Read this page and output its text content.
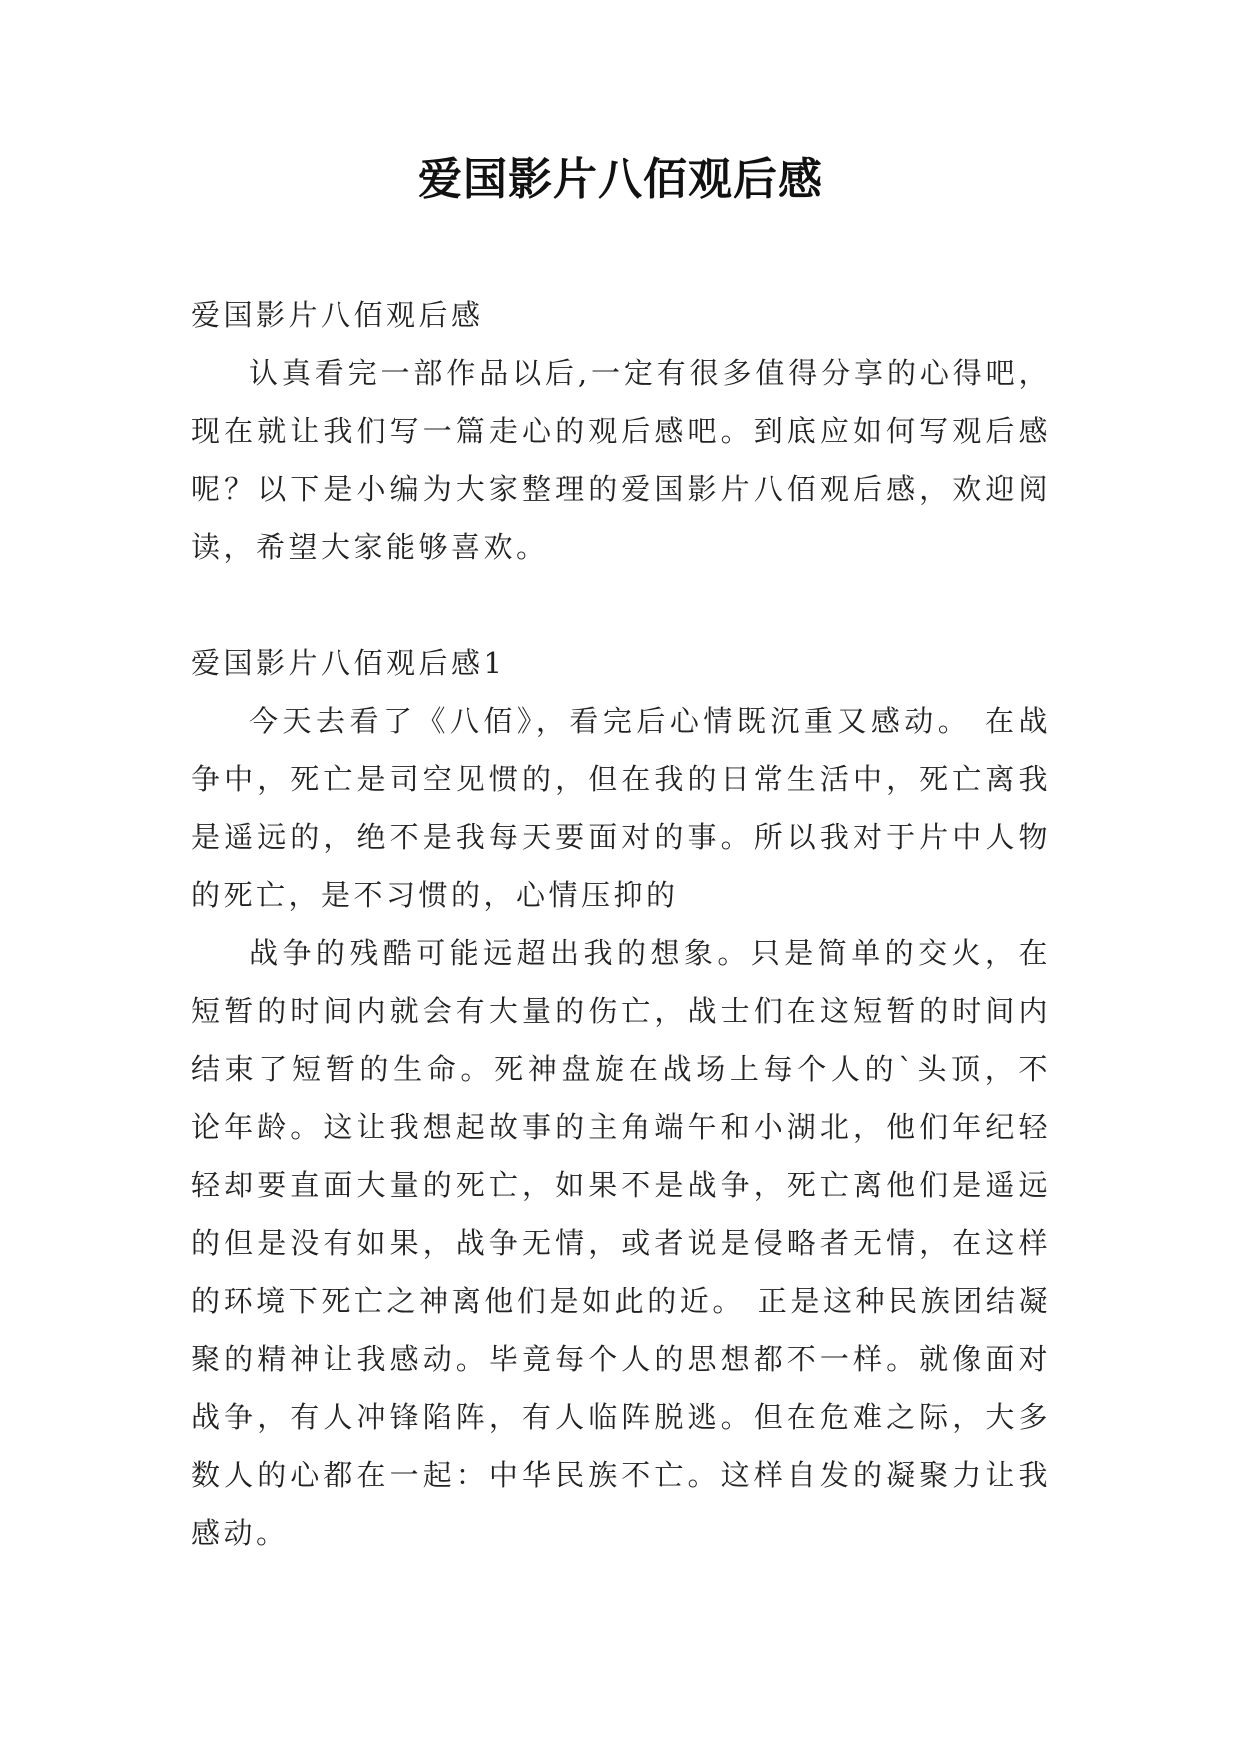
爱国影片八佰观后感

爱国影片八佰观后感

认真看完一部作品以后,一定有很多值得分享的心得吧，现在就让我们写一篇走心的观后感吧。到底应如何写观后感呢？以下是小编为大家整理的爱国影片八佰观后感，欢迎阅读，希望大家能够喜欢。

爱国影片八佰观后感1

今天去看了《八佰》，看完后心情既沉重又感动。 在战争中，死亡是司空见惯的，但在我的日常生活中，死亡离我是遥远的，绝不是我每天要面对的事。所以我对于片中人物的死亡，是不习惯的，心情压抑的

战争的残酷可能远超出我的想象。只是简单的交火，在短暂的时间内就会有大量的伤亡，战士们在这短暂的时间内结束了短暂的生命。死神盘旋在战场上每个人的`头顶，不论年龄。这让我想起故事的主角端午和小湖北，他们年纪轻轻却要直面大量的死亡，如果不是战争，死亡离他们是遥远的但是没有如果，战争无情，或者说是侵略者无情，在这样的环境下死亡之神离他们是如此的近。 正是这种民族团结凝聚的精神让我感动。毕竟每个人的思想都不一样。就像面对战争，有人冲锋陷阵，有人临阵脱逃。但在危难之际，大多数人的心都在一起：中华民族不亡。这样自发的凝聚力让我感动。
